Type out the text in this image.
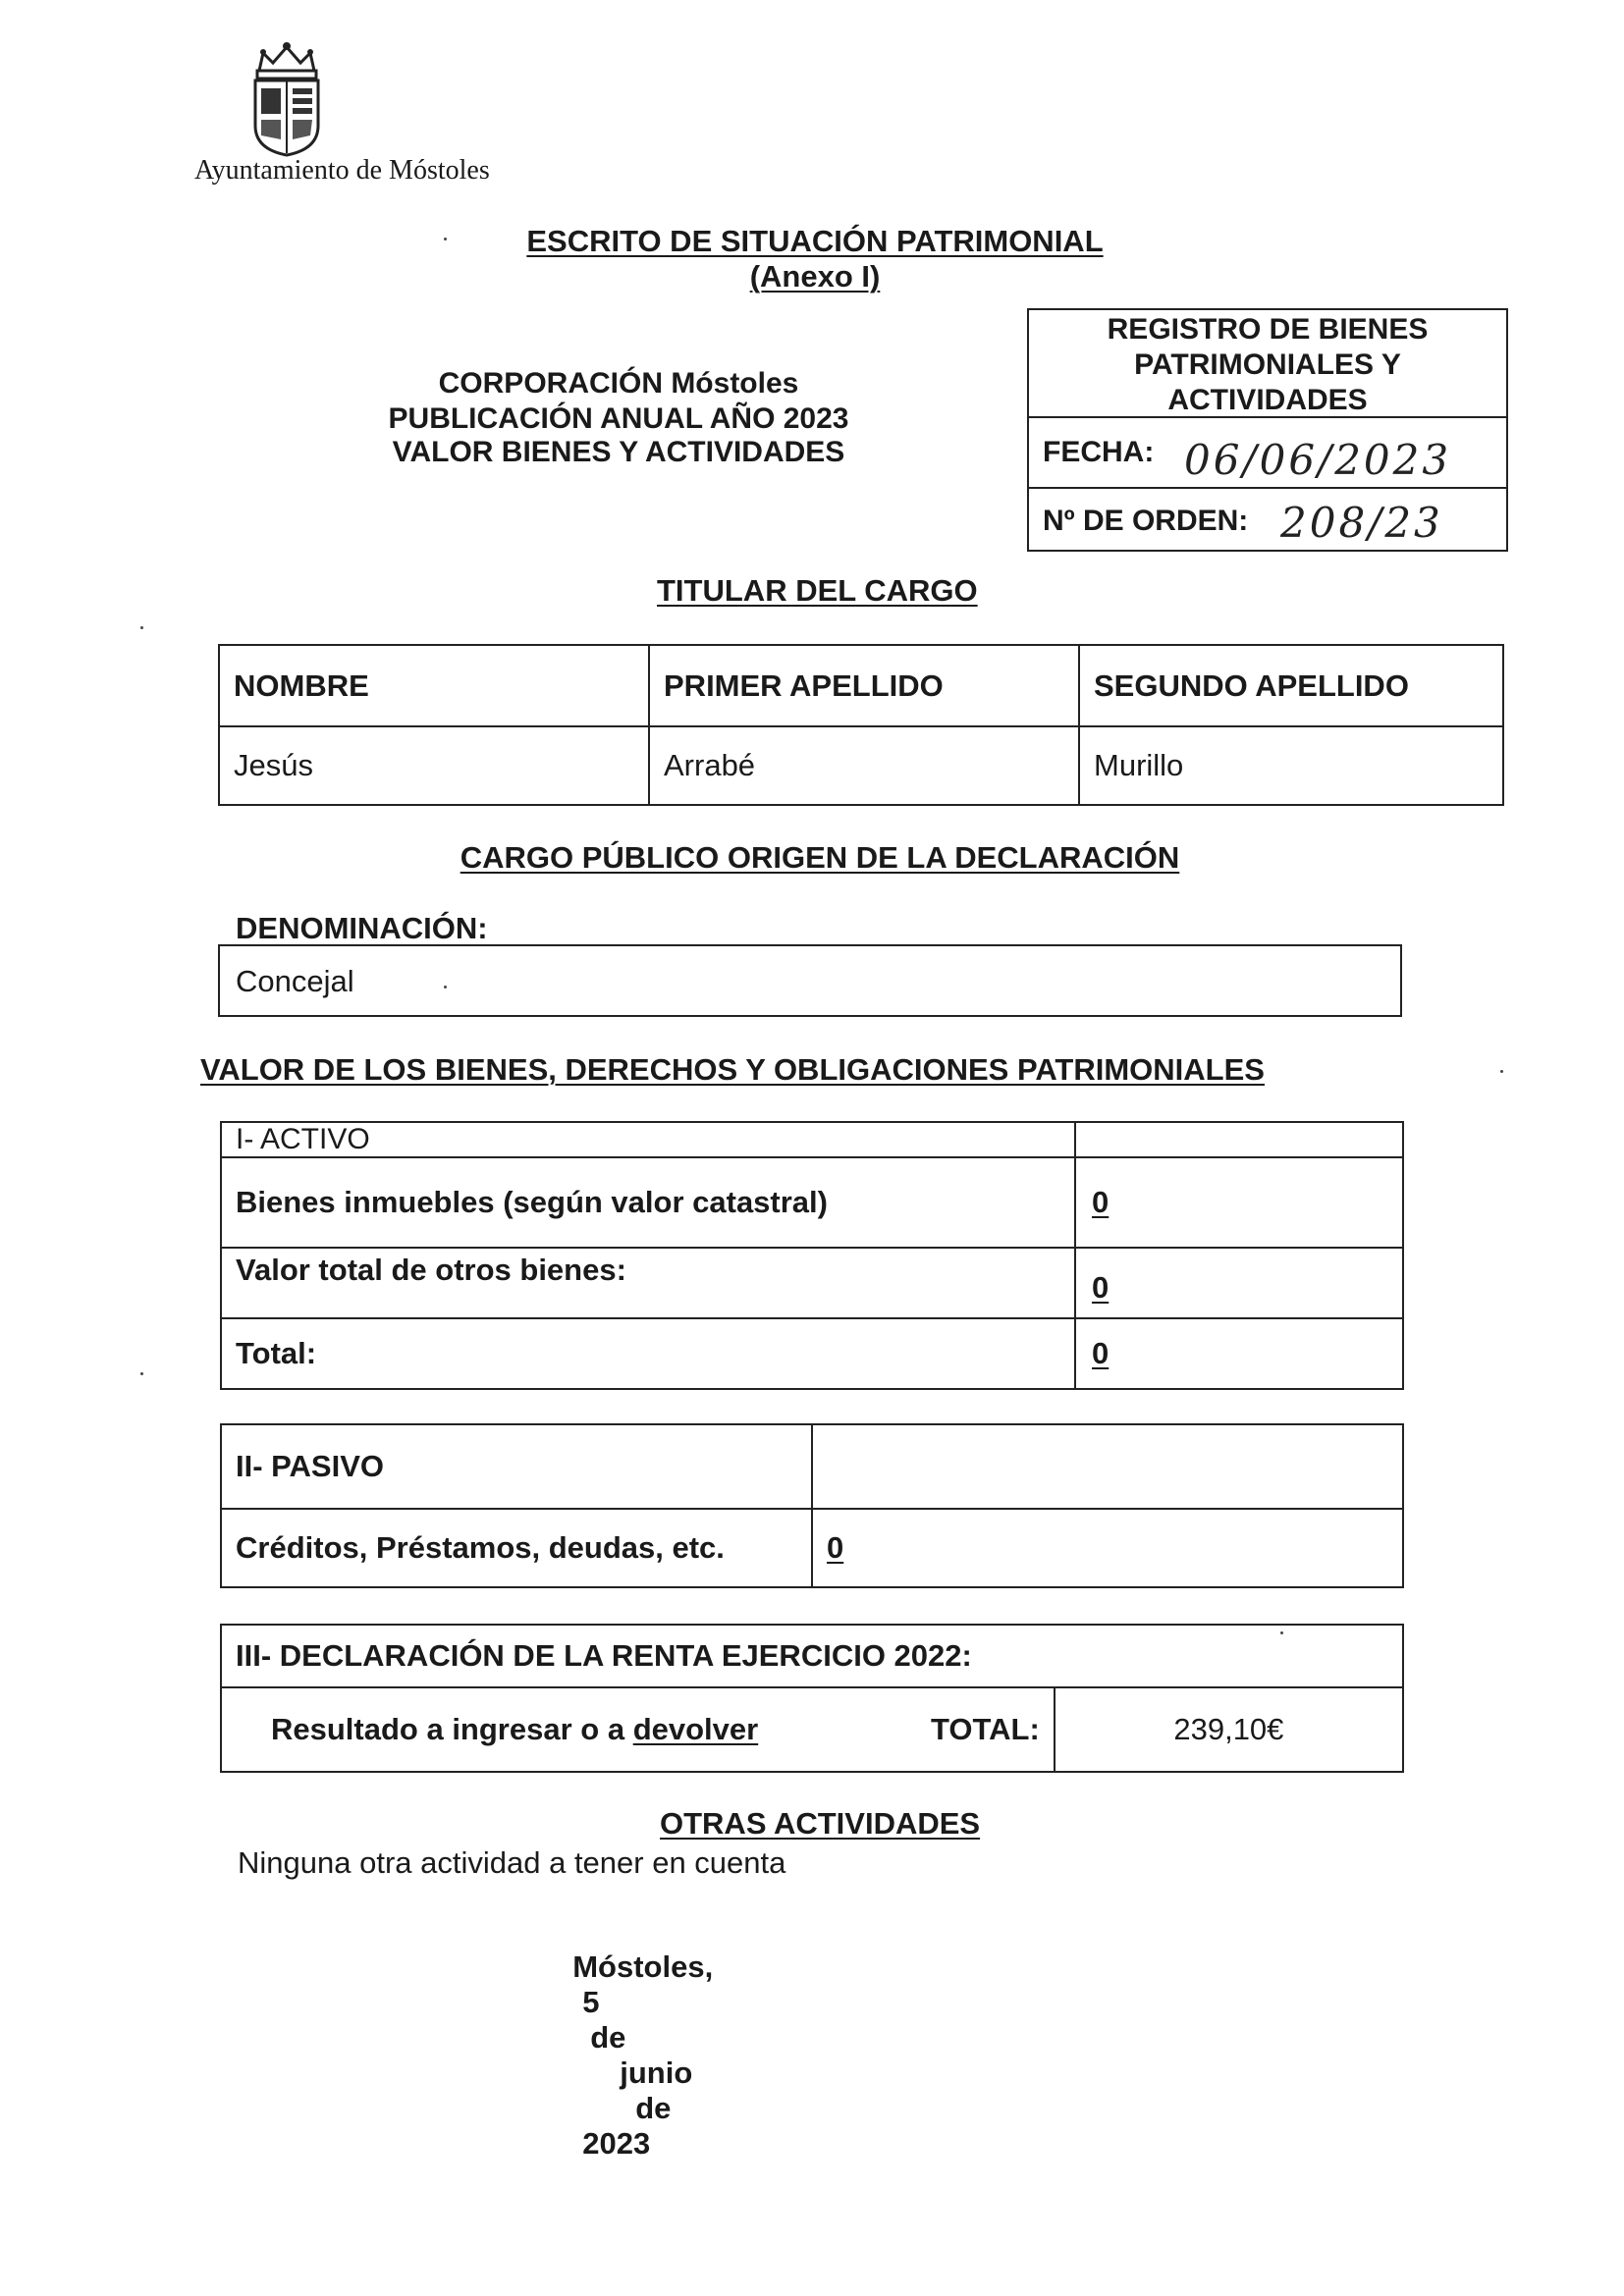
Ayuntamiento de Móstoles
ESCRITO DE SITUACIÓN PATRIMONIAL
(Anexo I)
CORPORACIÓN Móstoles
PUBLICACIÓN ANUAL AÑO 2023
VALOR BIENES Y ACTIVIDADES
REGISTRO DE BIENES PATRIMONIALES Y ACTIVIDADES
FECHA: 06/06/2023
Nº DE ORDEN: 208/23
TITULAR DEL CARGO
NOMBRE	PRIMER APELLIDO	SEGUNDO APELLIDO
Jesús	Arrabé	Murillo
CARGO PÚBLICO ORIGEN DE LA DECLARACIÓN
DENOMINACIÓN:
Concejal
VALOR DE LOS BIENES, DERECHOS Y OBLIGACIONES PATRIMONIALES
I- ACTIVO	
Bienes inmuebles (según valor catastral)	0
Valor total de otros bienes:	0
Total:	0
II- PASIVO	
Créditos, Préstamos, deudas, etc.	0
III- DECLARACIÓN DE LA RENTA EJERCICIO 2022:
Resultado a ingresar o a devolver	TOTAL:	239,10€
OTRAS ACTIVIDADES
Ninguna otra actividad a tener en cuenta

Móstoles,
5
de
junio
de
2023
